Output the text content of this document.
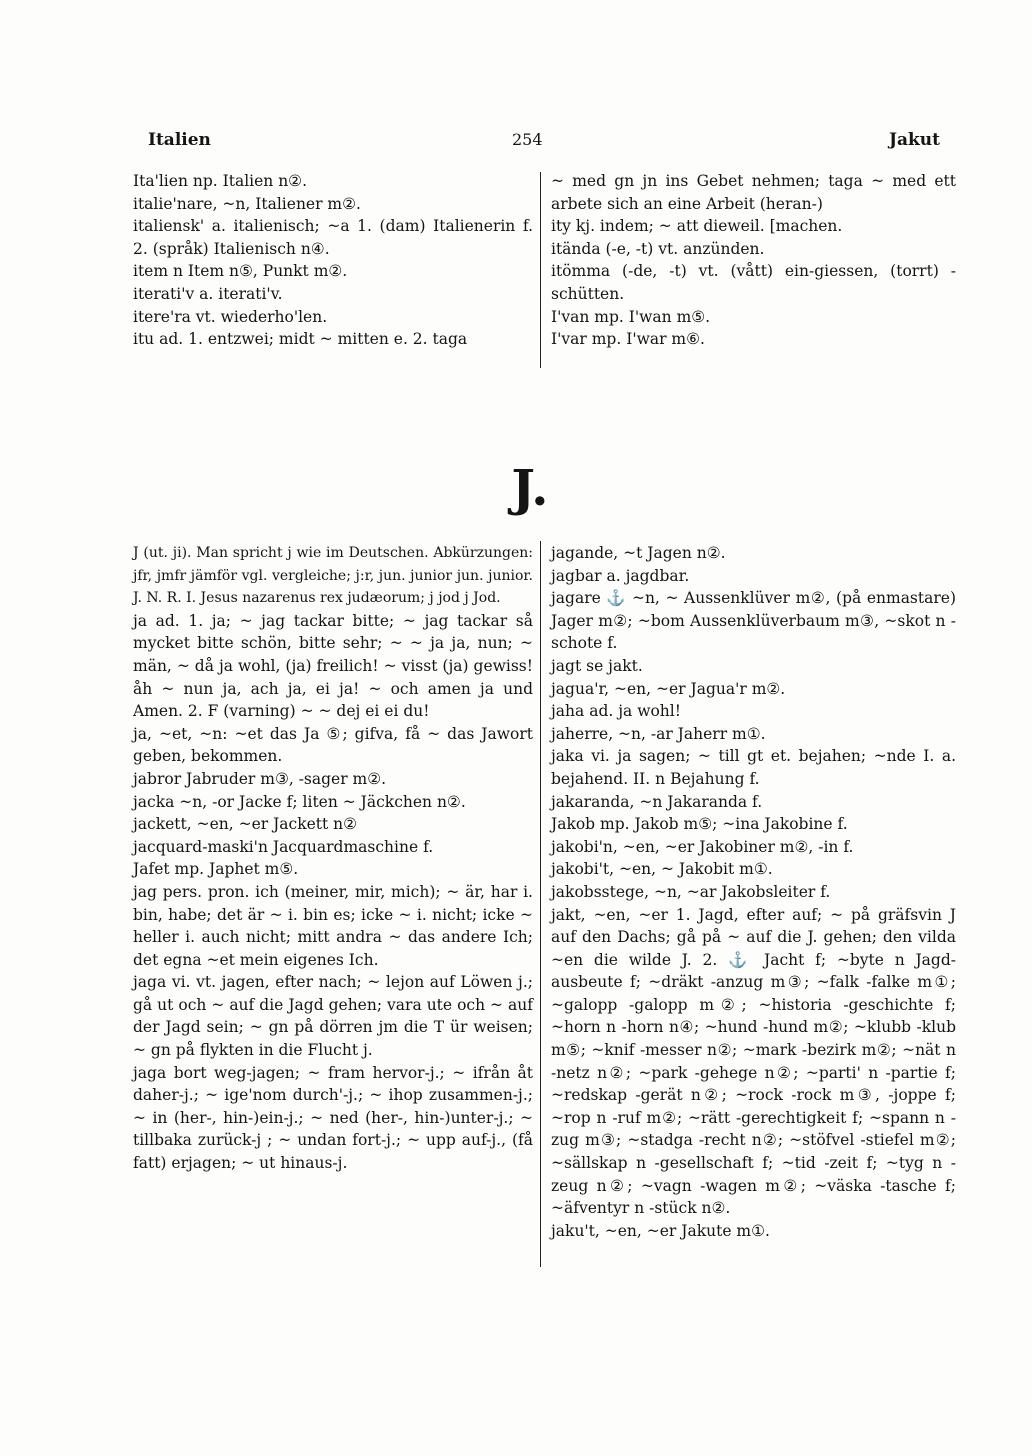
Italien	254	Jakut
Ita'lien np. Italien n②.
italie'nare, ~n, Italiener m②.
italiensk' a. italienisch; ~a 1. (dam) Italienerin f. 2. (språk) Italienisch n④.
item n Item n⑤, Punkt m②.
iterati'v a. iterati'v.
itere'ra vt. wiederho'len.
itu ad. 1. entzwei; midt ~ mitten e. 2. taga
~ med gn jn ins Gebet nehmen; taga ~ med ett arbete sich an eine Arbeit (heran-)
ity kj. indem; ~ att dieweil. [machen.
itända (-e, -t) vt. anzünden.
itömma (-de, -t) vt. (vått) ein-giessen, (torrt) -schütten.
I'van mp. I'wan m⑤.
I'var mp. I'war m⑥.
J.
J (ut. ji). Man spricht j wie im Deutschen. Abkürzungen: jfr, jmfr jämför vgl. vergleiche; j:r, jun. junior jun. junior. J. N. R. I. Jesus nazarenus rex judæorum; j jod j Jod.
ja ad. 1. ja; ~ jag tackar bitte; ~ jag tackar så mycket bitte schön, bitte sehr; ~ ~ ja ja, nun; ~ män, ~ då ja wohl, (ja) freilich! ~ visst (ja) gewiss! åh ~ nun ja, ach ja, ei ja! ~ och amen ja und Amen. 2. F (varning) ~ ~ dej ei ei du!
ja, ~et, ~n: ~et das Ja ⑤; gifva, få ~ das Jawort geben, bekommen.
jabror Jabruder m③, -sager m②.
jacka ~n, -or Jacke f; liten ~ Jäckchen n②.
jackett, ~en, ~er Jackett n②
jacquard-maski'n Jacquardmaschine f.
Jafet mp. Japhet m⑤.
jag pers. pron. ich (meiner, mir, mich); ~ är, har i. bin, habe; det är ~ i. bin es; icke ~ i. nicht; icke ~ heller i. auch nicht; mitt andra ~ das andere Ich; det egna ~et mein eigenes Ich.
jaga vi. vt. jagen, efter nach; ~ lejon auf Löwen j.; gå ut och ~ auf die Jagd gehen; vara ute och ~ auf der Jagd sein; ~ gn på dörren jm die T ür weisen; ~ gn på flykten in die Flucht j.
jaga bort weg-jagen; ~ fram hervor-j.; ~ ifrån åt daher-j.; ~ ige'nom durch'-j.; ~ ihop zusammen-j.; ~ in (her-, hin-)ein-j.; ~ ned (her-, hin-)unter-j.; ~ tillbaka zurück-j ; ~ undan fort-j.; ~ upp auf-j., (få fatt) erjagen; ~ ut hinaus-j.
jagande, ~t Jagen n②.
jagbar a. jagdbar.
jagare ⚓ ~n, ~ Aussenklüver m②, (på enmastare) Jager m②; ~bom Aussenklüverbaum m③, ~skot n -schote f.
jagt se jakt.
jagua'r, ~en, ~er Jagua'r m②.
jaha ad. ja wohl!
jaherre, ~n, -ar Jaherr m①.
jaka vi. ja sagen; ~ till gt et. bejahen; ~nde I. a. bejahend. II. n Bejahung f.
jakaranda, ~n Jakaranda f.
Jakob mp. Jakob m⑤; ~ina Jakobine f.
jakobi'n, ~en, ~er Jakobiner m②, -in f.
jakobi't, ~en, ~ Jakobit m①.
jakobsstege, ~n, ~ar Jakobsleiter f.
jakt, ~en, ~er 1. Jagd, efter auf; ~ på gräfsvin J auf den Dachs; gå på ~ auf die J. gehen; den vilda ~en die wilde J. 2. ⚓ Jacht f; ~byte n Jagd-ausbeute f; ~dräkt -anzug m③; ~falk -falke m①; ~galopp -galopp m②; ~historia -geschichte f; ~horn n -horn n④; ~hund -hund m②; ~klubb -klub m⑤; ~knif -messer n②; ~mark -bezirk m②; ~nät n -netz n②; ~park -gehege n②; ~parti' n -partie f; ~redskap -gerät n②; ~rock -rock m③, -joppe f; ~rop n -ruf m②; ~rätt -gerechtigkeit f; ~spann n -zug m③; ~stadga -recht n②; ~stöfvel -stiefel m②; ~sällskap n -gesellschaft f; ~tid -zeit f; ~tyg n -zeug n②; ~vagn -wagen m②; ~väska -tasche f; ~äfventyr n -stück n②.
jaku't, ~en, ~er Jakute m①.
